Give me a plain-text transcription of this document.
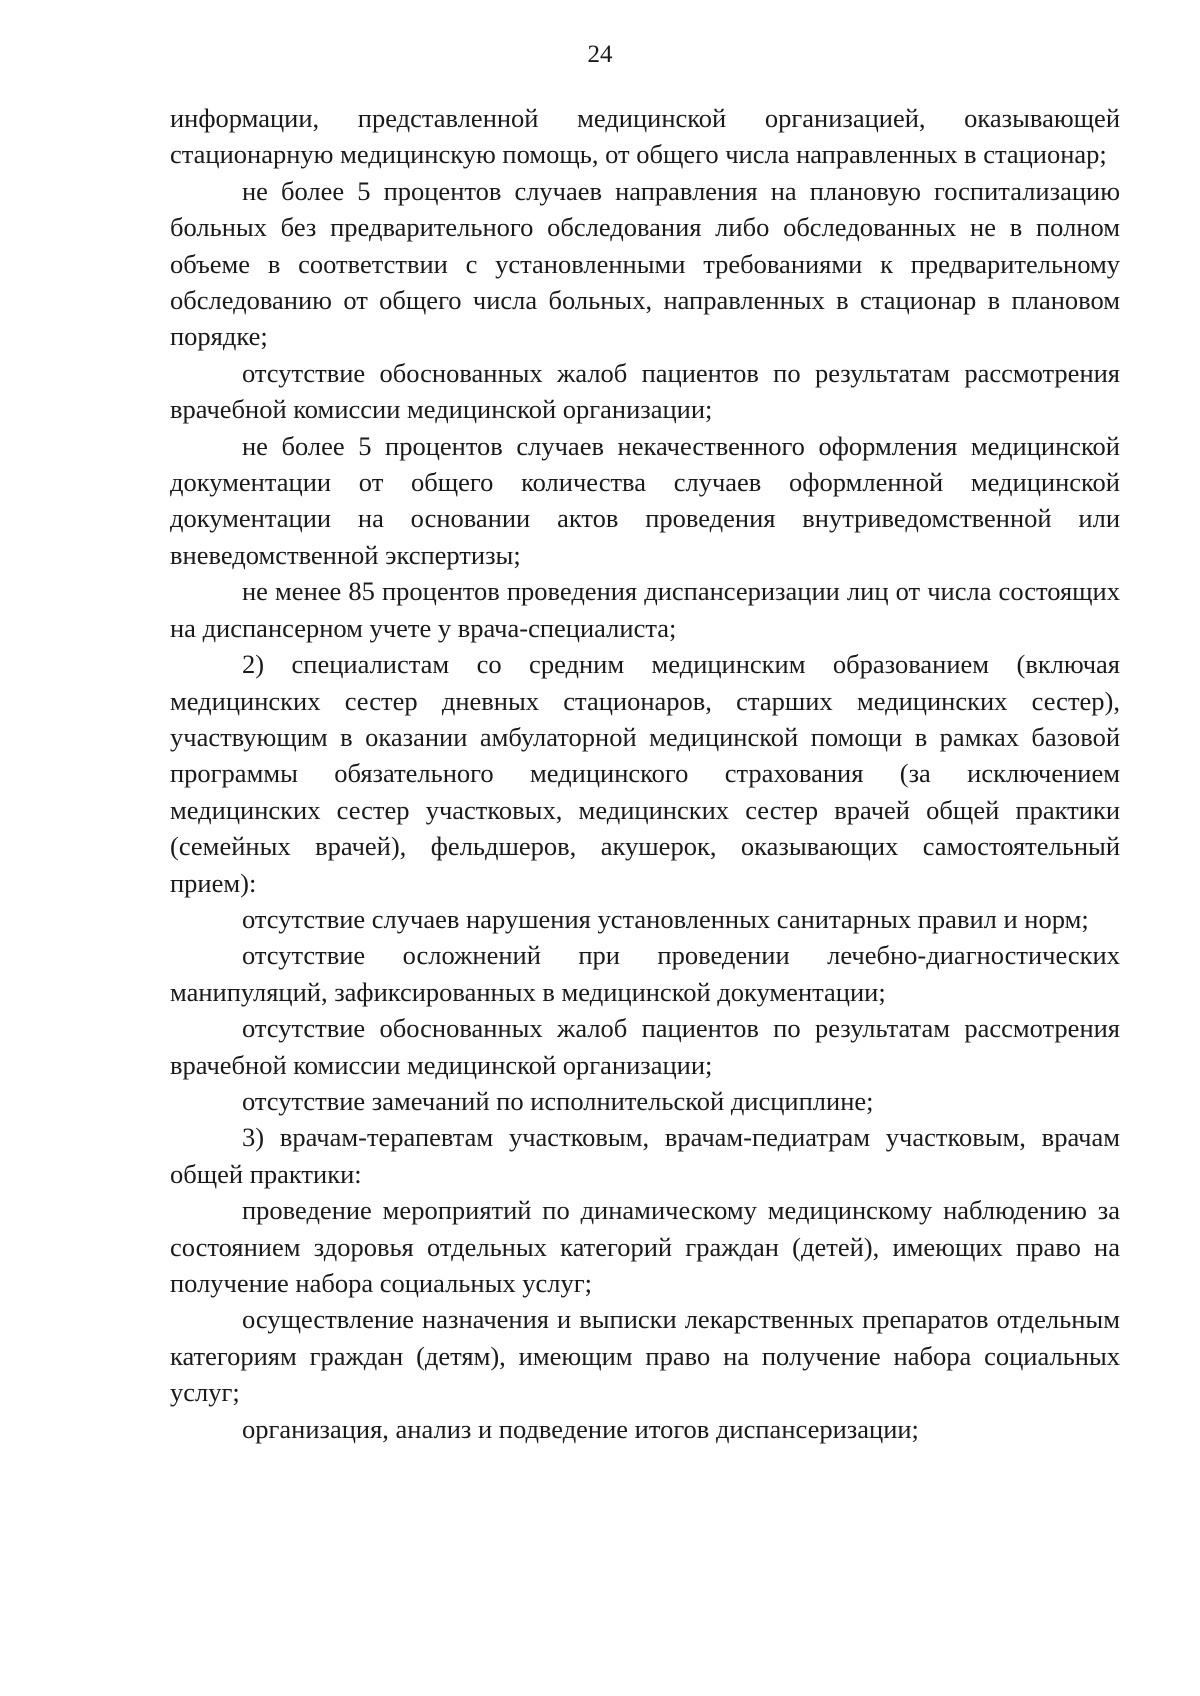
24

информации, представленной медицинской организацией, оказывающей стационарную медицинскую помощь, от общего числа направленных в стационар;

не более 5 процентов случаев направления на плановую госпитализацию больных без предварительного обследования либо обследованных не в полном объеме в соответствии с установленными требованиями к предварительному обследованию от общего числа больных, направленных в стационар в плановом порядке;

отсутствие обоснованных жалоб пациентов по результатам рассмотрения врачебной комиссии медицинской организации;

не более 5 процентов случаев некачественного оформления медицинской документации от общего количества случаев оформленной медицинской документации на основании актов проведения внутриведомственной или вневедомственной экспертизы;

не менее 85 процентов проведения диспансеризации лиц от числа состоящих на диспансерном учете у врача-специалиста;

2) специалистам со средним медицинским образованием (включая медицинских сестер дневных стационаров, старших медицинских сестер), участвующим в оказании амбулаторной медицинской помощи в рамках базовой программы обязательного медицинского страхования (за исключением медицинских сестер участковых, медицинских сестер врачей общей практики (семейных врачей), фельдшеров, акушерок, оказывающих самостоятельный прием):

отсутствие случаев нарушения установленных санитарных правил и норм;

отсутствие осложнений при проведении лечебно-диагностических манипуляций, зафиксированных в медицинской документации;

отсутствие обоснованных жалоб пациентов по результатам рассмотрения врачебной комиссии медицинской организации;

отсутствие замечаний по исполнительской дисциплине;

3) врачам-терапевтам участковым, врачам-педиатрам участковым, врачам общей практики:

проведение мероприятий по динамическому медицинскому наблюдению за состоянием здоровья отдельных категорий граждан (детей), имеющих право на получение набора социальных услуг;

осуществление назначения и выписки лекарственных препаратов отдельным категориям граждан (детям), имеющим право на получение набора социальных услуг;

организация, анализ и подведение итогов диспансеризации;
